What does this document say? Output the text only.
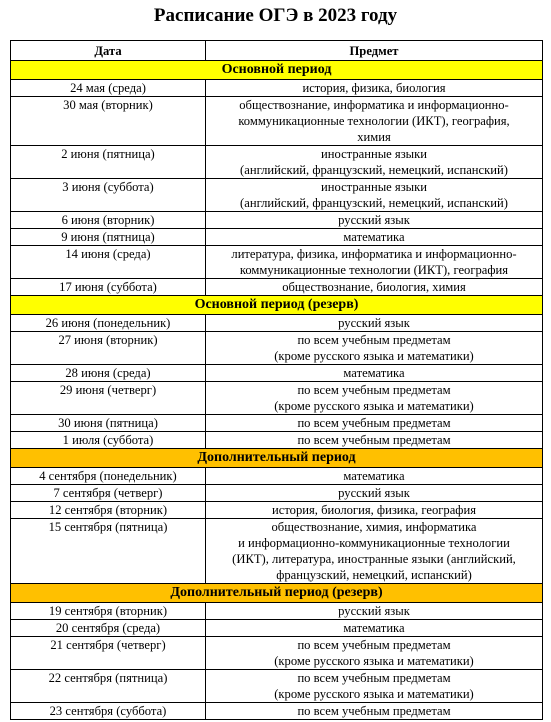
Расписание ОГЭ в 2023 году
Дата	Предмет
Основной период	
24 мая (среда)	история, физика, биология

30 мая (вторник)	обществознание, информатика и информационно-
коммуникационные технологии (ИКТ), география,
химия

2 июня (пятница)	иностранные языки
(английский, французский, немецкий, испанский)

3 июня (суббота)	иностранные языки
(английский, французский, немецкий, испанский)

6 июня (вторник)	русский язык

9 июня (пятница)	математика

14 июня (среда)	литература, физика, информатика и информационно-
коммуникационные технологии (ИКТ), география

17 июня (суббота)	обществознание, биология, химия

Основной период (резерв)	
26 июня (понедельник)	русский язык

27 июня (вторник)	по всем учебным предметам
(кроме русского языка и математики)

28 июня (среда)	математика

29 июня (четверг)	по всем учебным предметам
(кроме русского языка и математики)

30 июня (пятница)	по всем учебным предметам

1 июля (суббота)	по всем учебным предметам

Дополнительный период	
4 сентября (понедельник)	математика

7 сентября (четверг)	русский язык

12 сентября (вторник)	история, биология, физика, география

15 сентября (пятница)	обществознание, химия, информатика
и информационно-коммуникационные технологии
(ИКТ), литература, иностранные языки (английский,
французский, немецкий, испанский)

Дополнительный период (резерв)	
19 сентября (вторник)	русский язык

20 сентября (среда)	математика

21 сентября (четверг)	по всем учебным предметам
(кроме русского языка и математики)

22 сентября (пятница)	по всем учебным предметам
(кроме русского языка и математики)

23 сентября (суббота)	по всем учебным предметам
